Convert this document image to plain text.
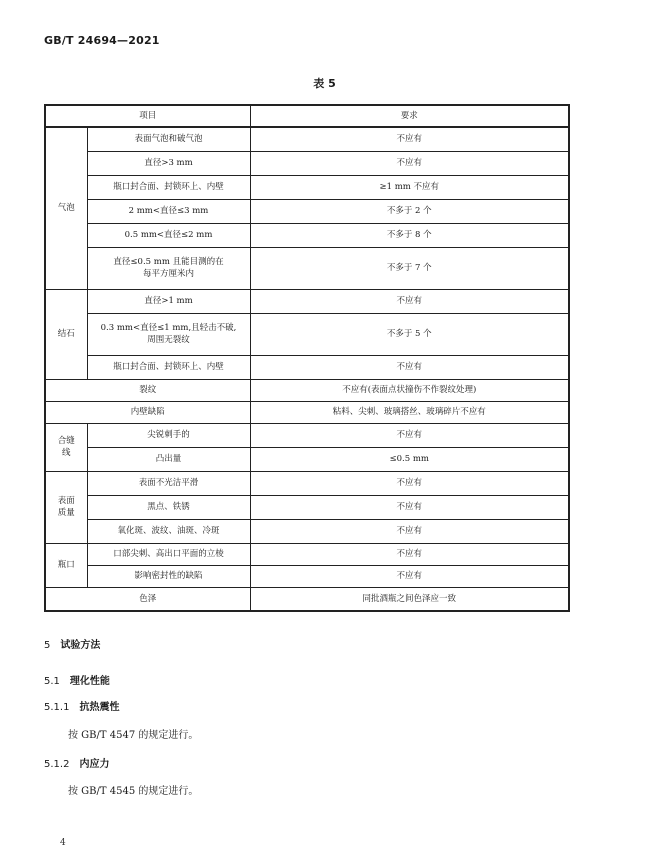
GB/T 24694—2021
表 5
项目		要求
气泡	表面气泡和破气泡	不应有
	直径>3 mm	不应有
	瓶口封合面、封锁环上、内壁	≥1 mm 不应有
	2 mm<直径≤3 mm	不多于 2 个
	0.5 mm<直径≤2 mm	不多于 8 个

	直径≤0.5 mm 且能目测的在
每平方厘米内	不多于 7 个
结石	直径>1 mm	不应有

	0.3 mm<直径≤1 mm,且轻击不破,
周围无裂纹	不多于 5 个
	瓶口封合面、封锁环上、内壁	不应有
裂纹		不应有(表面点状撞伤不作裂纹处理)
内壁缺陷		粘料、尖刺、玻璃搭丝、玻璃碎片不应有

合缝
线	尖锐刺手的	不应有
	凸出量	≤0.5 mm

表面
质量	表面不光洁平滑	不应有
	黑点、铁锈	不应有
	氧化斑、波纹、油斑、冷斑	不应有
瓶口	口部尖刺、高出口平面的立棱	不应有
	影响密封性的缺陷	不应有
色泽		同批酒瓶之间色泽应一致
5 试验方法
5.1 理化性能
5.1.1 抗热震性
按 GB/T 4547 的规定进行。
5.1.2 内应力
按 GB/T 4545 的规定进行。
4
